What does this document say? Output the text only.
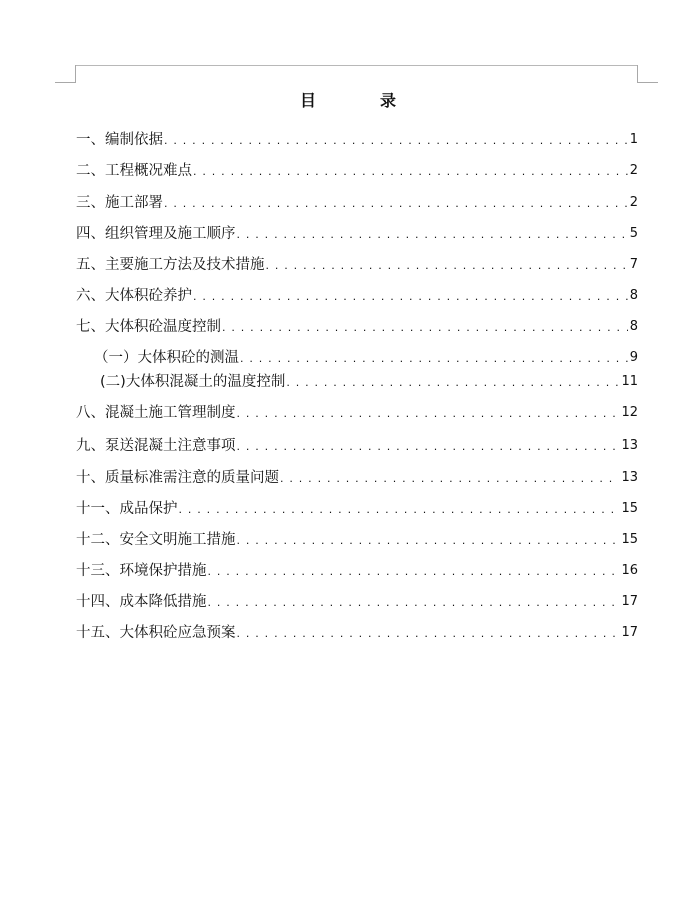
目　录
一、编制依据 . . .	1
二、工程概况难点 . . .	2
三、施工部署 . . .	2
四、组织管理及施工顺序 . . .	5
五、主要施工方法及技术措施 . . .	7
六、大体积砼养护 . . .	8
七、大体积砼温度控制 . . .	8
（一）大体积砼的测温 . . .	9
(二)大体积混凝土的温度控制 . . .	11
八、混凝土施工管理制度 . . .	12
九、泵送混凝土注意事项 . . .	13
十、质量标准需注意的质量问题 . . .	13
十一、成品保护 . . .	15
十二、安全文明施工措施 . . .	15
十三、环境保护措施 . . .	16
十四、成本降低措施 . . .	17
十五、大体积砼应急预案 . . .	17
